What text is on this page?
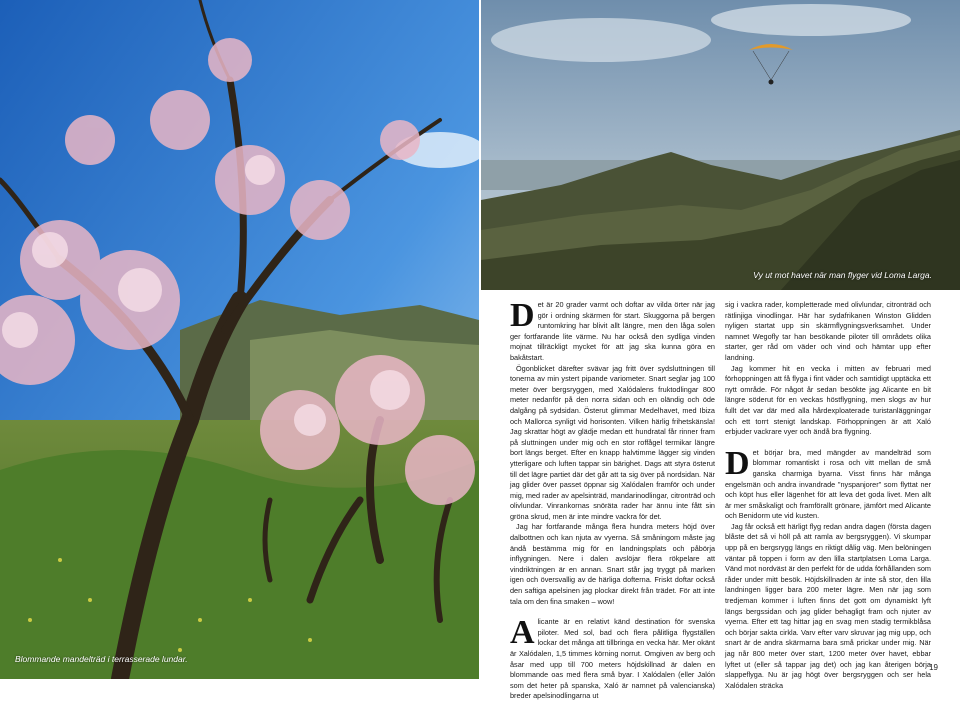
Blommande mandelträd i terrasserade lundar.
Vy ut mot havet när man flyger vid Loma Larga.

Det är 20 grader varmt och doftar av vilda örter när jag gör i ordning skärmen för start. Skuggorna på bergen runtomkring har blivit allt längre, men den låga solen ger fortfarande lite värme. Nu har också den sydliga vinden mojnat tillräckligt mycket för att jag ska kunna göra en bakåtstart.

Ögonblicket därefter svävar jag fritt över sydsluttningen till tonerna av min ystert pipande variometer. Snart seglar jag 100 meter över bergsryggen, med Xalódalens fruktodlingar 800 meter nedanför på den norra sidan och en oländig och öde dalgång på sydsidan. Österut glimmar Medelhavet, med Ibiza och Mallorca synligt vid horisonten. Vilken härlig frihetskänsla! Jag skrattar högt av glädje medan ett hundratal får rinner fram på sluttningen under mig och en stor roffågel termikar längre bort längs berget. Efter en knapp halvtimme lägger sig vinden ytterligare och luften tappar sin bärighet. Dags att styra österut till det lägre partiet där det går att ta sig över på nordsidan. När jag glider över passet öppnar sig Xalódalen framför och under mig, med rader av apelsinträd, mandarinodlingar, citronträd och olivlundar. Vinrankornas snöräta rader har ännu inte fått sin gröna skrud, men är inte mindre vackra för det.

Jag har fortfarande många flera hundra meters höjd över dalbottnen och kan njuta av vyerna. Så småningom måste jag ändå bestämma mig för en landningsplats och påbörja inflygningen. Nere i dalen avslöjar flera rökpelare att vindriktningen är en annan. Snart står jag tryggt på marken igen och översvallig av de härliga dofterna. Friskt doftar också den saftiga apelsinen jag plockar direkt från trädet. För att inte tala om den fina smaken – wow!

Alicante är en relativt känd destination för svenska piloter. Med sol, bad och flera pålitliga flygställen lockar det många att tillbringa en vecka här. Mer okänt är Xalódalen, 1,5 timmes körning norrut. Omgiven av berg och åsar med upp till 700 meters höjdskillnad är dalen en blommande oas med flera små byar. I Xalódalen (eller Jalón som det heter på spanska, Xaló är namnet på valencianska) breder apelsinodlingarna ut

sig i vackra rader, kompletterade med olivlundar, citronträd och rätlinjiga vinodlingar. Här har sydafrikanen Winston Glidden nyligen startat upp sin skärmflygningsverksamhet. Under namnet Wegofly tar han besökande piloter till områdets olika starter, ger råd om väder och vind och hämtar upp efter landning.

Jag kommer hit en vecka i mitten av februari med förhoppningen att få flyga i fint väder och samtidigt upptäcka ett nytt område. För något år sedan besökte jag Alicante en bit längre söderut för en veckas höstflygning, men slogs av hur fullt det var där med alla hårdexploaterade turistanläggningar och ett torrt stenigt landskap. Förhoppningen är att Xaló erbjuder vackrare vyer och ändå bra flygning.

Det börjar bra, med mängder av mandelträd som blommar romantiskt i rosa och vitt mellan de små ganska charmiga byarna. Visst finns här många engelsmän och andra invandrade "nyspanjorer" som flyttat ner och köpt hus eller lägenhet för att leva det goda livet. Men allt är mer småskaligt och framförallt grönare, jämfört med Alicante och Benidorm ute vid kusten.

Jag får också ett härligt flyg redan andra dagen (första dagen blåste det så vi höll på att ramla av bergsryggen). Vi skumpar upp på en bergsrygg längs en riktigt dålig väg. Men belöningen väntar på toppen i form av den lilla startplatsen Loma Larga. Vänd mot nordväst är den perfekt för de udda förhållanden som råder under mitt besök. Höjdskillnaden är inte så stor, den lilla landningen ligger bara 200 meter lägre. Men när jag som tredjeman kommer i luften finns det gott om dynamiskt lyft längs bergssidan och jag glider behagligt fram och njuter av vyerna. Efter ett tag hittar jag en svag men stadig termikblåsa och börjar sakta cirkla. Varv efter varv skruvar jag mig upp, och snart är de andra skärmarna bara små prickar under mig. När jag når 800 meter över start, 1200 meter över havet, ebbar lyftet ut (eller så tappar jag det) och jag kan återigen börja slappeflyga. Nu är jag högt över bergsryggen och ser hela Xalódalen sträcka

19
